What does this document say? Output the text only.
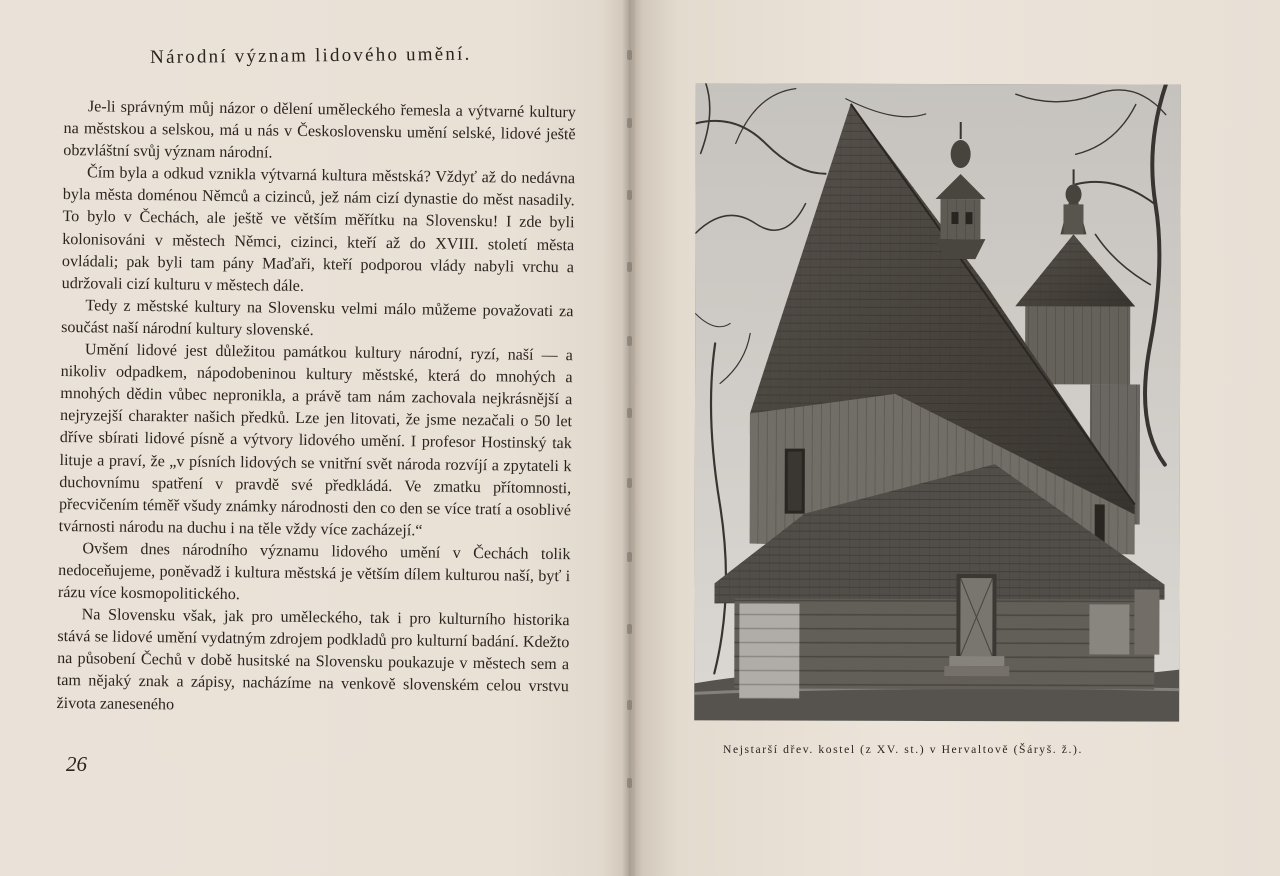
Národní význam lidového umění.

Je-li správným můj názor o dělení uměleckého řemesla a výtvarné kultury na městskou a selskou, má u nás v Československu umění selské, lidové ještě obzvláštní svůj význam národní.

Čím byla a odkud vznikla výtvarná kultura městská? Vždyť až do nedávna byla města doménou Němců a cizinců, jež nám cizí dynastie do měst nasadily. To bylo v Čechách, ale ještě ve větším měřítku na Slovensku! I zde byli kolonisováni v městech Němci, cizinci, kteří až do XVIII. století města ovládali; pak byli tam pány Maďaři, kteří podporou vlády nabyli vrchu a udržovali cizí kulturu v městech dále.

Tedy z městské kultury na Slovensku velmi málo můžeme považovati za součást naší národní kultury slovenské.

Umění lidové jest důležitou památkou kultury národní, ryzí, naší — a nikoliv odpadkem, nápodobeninou kultury městské, která do mnohých a mnohých dědin vůbec nepronikla, a právě tam nám zachovala nejkrásnější a nejryzejší charakter našich předků. Lze jen litovati, že jsme nezačali o 50 let dříve sbírati lidové písně a výtvory lidového umění. I profesor Hostinský tak lituje a praví, že „v písních lidových se vnitřní svět národa rozvíjí a zpytateli k duchovnímu spatření v pravdě své předkládá. Ve zmatku přítomnosti, přecvičením téměř všudy známky národnosti den co den se více tratí a osoblivé tvárnosti národu na duchu i na těle vždy více zacházejí.“

Ovšem dnes národního významu lidového umění v Čechách tolik nedoceňujeme, poněvadž i kultura městská je větším dílem kulturou naší, byť i rázu více kosmopolitického.

Na Slovensku však, jak pro uměleckého, tak i pro kulturního historika stává se lidové umění vydatným zdrojem podkladů pro kulturní badání. Kdežto na působení Čechů v době husitské na Slovensku poukazuje v městech sem a tam nějaký znak a zápisy, nacházíme na venkově slovenském celou vrstvu života zaneseného

26
Nejstarší dřev. kostel (z XV. st.) v Hervaltově (Šáryš. ž.).
